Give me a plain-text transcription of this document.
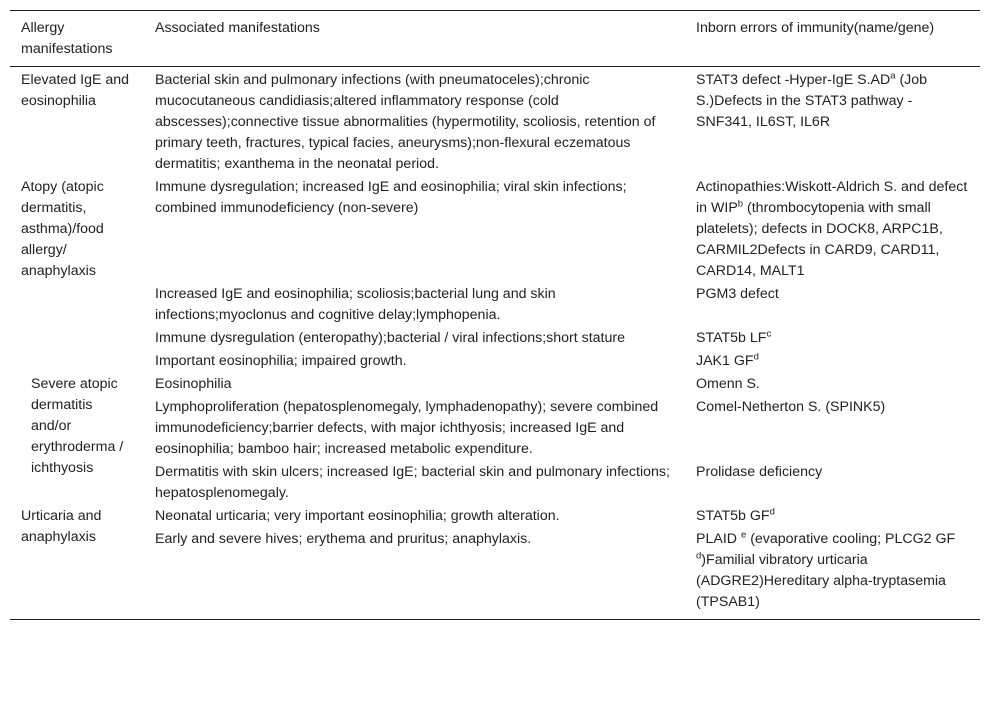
Allergy manifestations	Associated manifestations	Inborn errors of immunity(name/gene)
Elevated IgE and eosinophilia	Bacterial skin and pulmonary infections (with pneumatoceles);chronic mucocutaneous candidiasis;altered inflammatory response (cold abscesses);connective tissue abnormalities (hypermotility, scoliosis, retention of primary teeth, fractures, typical facies, aneurysms);non-flexural eczematous dermatitis; exanthema in the neonatal period.	STAT3 defect -Hyper-IgE $S.AD^a$ (Job S.)Defects in the STAT3 pathway - SNF341, IL6ST, IL6R
Atopy (atopic dermatitis, asthma)/food allergy/ anaphylaxis	Immune dysregulation; increased IgE and eosinophilia; viral skin infections; combined immunodeficiency (non-severe)	Actinopathies:Wiskott-Aldrich S. and defect in WIP$^b$ (thrombocytopenia with small platelets); defects in DOCK8, ARPC1B, CARMIL2Defects in CARD9, CARD11, CARD14, MALT1
	Increased IgE and eosinophilia; scoliosis;bacterial lung and skin infections;myoclonus and cognitive delay;lymphopenia.	PGM3 defect
	Immune dysregulation (enteropathy);bacterial / viral infections;short stature	STAT5b $LF^c$
	Important eosinophilia; impaired growth.	JAK1 $GF^d$
Severe atopic dermatitis and/or erythroderma / ichthyosis	Eosinophilia	Omenn S.
	Lymphoproliferation (hepatosplenomegaly, lymphadenopathy); severe combined immunodeficiency;barrier defects, with major ichthyosis; increased IgE and eosinophilia; bamboo hair; increased metabolic expenditure.	Comel-Netherton S. (SPINK5)
	Dermatitis with skin ulcers; increased IgE; bacterial skin and pulmonary infections; hepatosplenomegaly.	Prolidase deficiency
Urticaria and anaphylaxis	Neonatal urticaria; very important eosinophilia; growth alteration.	STAT5b $GF^d$
	Early and severe hives; erythema and pruritus; anaphylaxis.	PLAID $^e$ (evaporative cooling; PLCG2 GF $^d$)Familial vibratory urticaria (ADGRE2)Hereditary alpha-tryptasemia (TPSAB1)
